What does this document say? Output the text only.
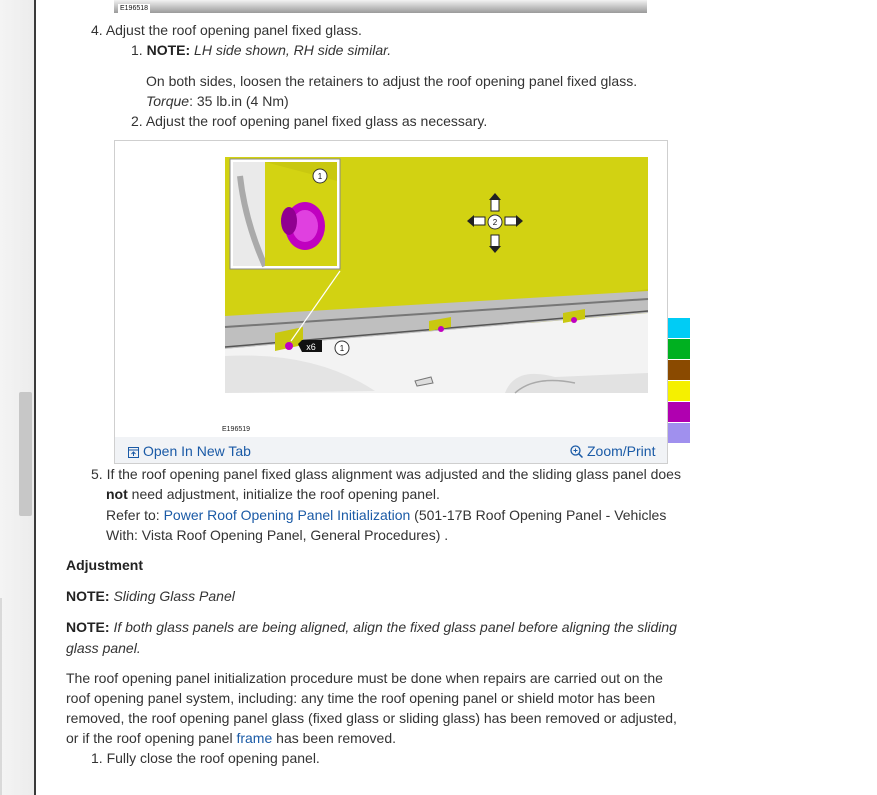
E196518
4. Adjust the roof opening panel fixed glass.
1. NOTE: LH side shown, RH side similar.
On both sides, loosen the retainers to adjust the roof opening panel fixed glass.
Torque: 35 lb.in (4 Nm)
2. Adjust the roof opening panel fixed glass as necessary.
x6	1
1
2
E196519
Open In New Tab	Zoom/Print
5. If the roof opening panel fixed glass alignment was adjusted and the sliding glass panel does
not need adjustment, initialize the roof opening panel.
Refer to: Power Roof Opening Panel Initialization (501-17B Roof Opening Panel - Vehicles
With: Vista Roof Opening Panel, General Procedures) .
Adjustment
NOTE: Sliding Glass Panel
NOTE: If both glass panels are being aligned, align the fixed glass panel before aligning the sliding
glass panel.
The roof opening panel initialization procedure must be done when repairs are carried out on the
roof opening panel system, including: any time the roof opening panel or shield motor has been
removed, the roof opening panel glass (fixed glass or sliding glass) has been removed or adjusted,
or if the roof opening panel frame has been removed.
1. Fully close the roof opening panel.
